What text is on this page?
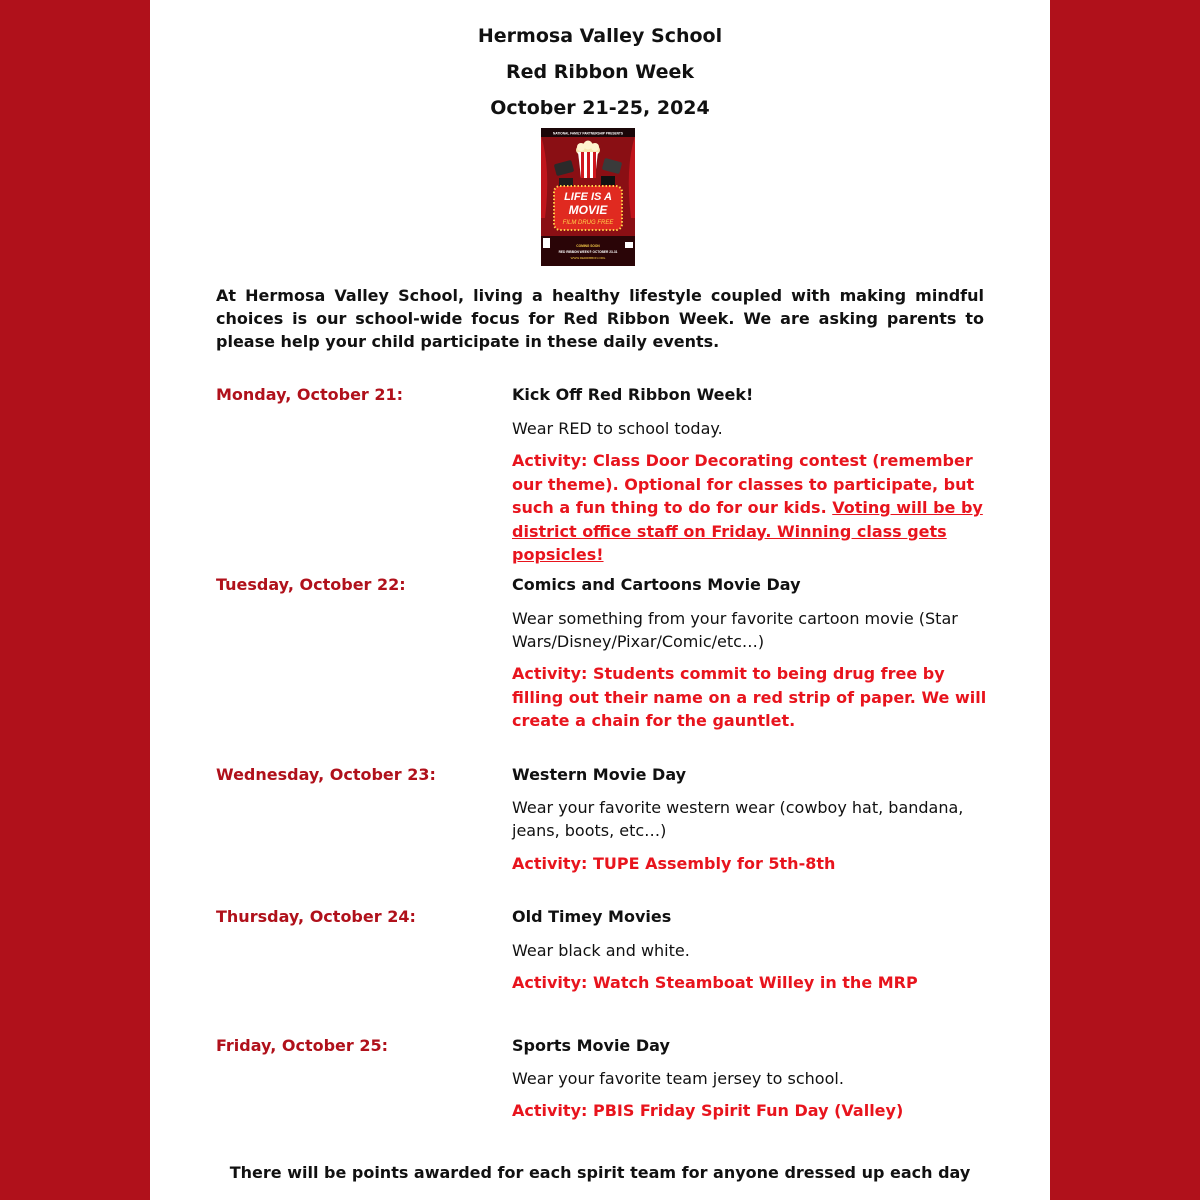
Hermosa Valley School
Red Ribbon Week
October 21-25, 2024
NATIONAL FAMILY PARTNERSHIP PRESENTS
LIFE IS A
MOVIE
FILM DRUG FREE
COMING SOON
RED RIBBON WEEK® OCTOBER 23-31
WWW.REDRIBBON.ORG
At Hermosa Valley School, living a healthy lifestyle coupled with making mindful choices is our school-wide focus for Red Ribbon Week. We are asking parents to please help your child participate in these daily events.
Monday, October 21:	Kick Off Red Ribbon Week!
Wear RED to school today.
Activity: Class Door Decorating contest (remember our theme). Optional for classes to participate, but such a fun thing to do for our kids. Voting will be by district office staff on Friday. Winning class gets popsicles!
Tuesday, October 22:	Comics and Cartoons Movie Day
Wear something from your favorite cartoon movie (Star Wars/Disney/Pixar/Comic/etc…)
Activity: Students commit to being drug free by filling out their name on a red strip of paper. We will create a chain for the gauntlet.
Wednesday, October 23:	Western Movie Day
Wear your favorite western wear (cowboy hat, bandana, jeans, boots, etc…)
Activity: TUPE Assembly for 5th-8th
Thursday, October 24:	Old Timey Movies
Wear black and white.
Activity: Watch Steamboat Willey in the MRP
Friday, October 25:	Sports Movie Day
Wear your favorite team jersey to school.
Activity: PBIS Friday Spirit Fun Day (Valley)
There will be points awarded for each spirit team for anyone dressed up each day
